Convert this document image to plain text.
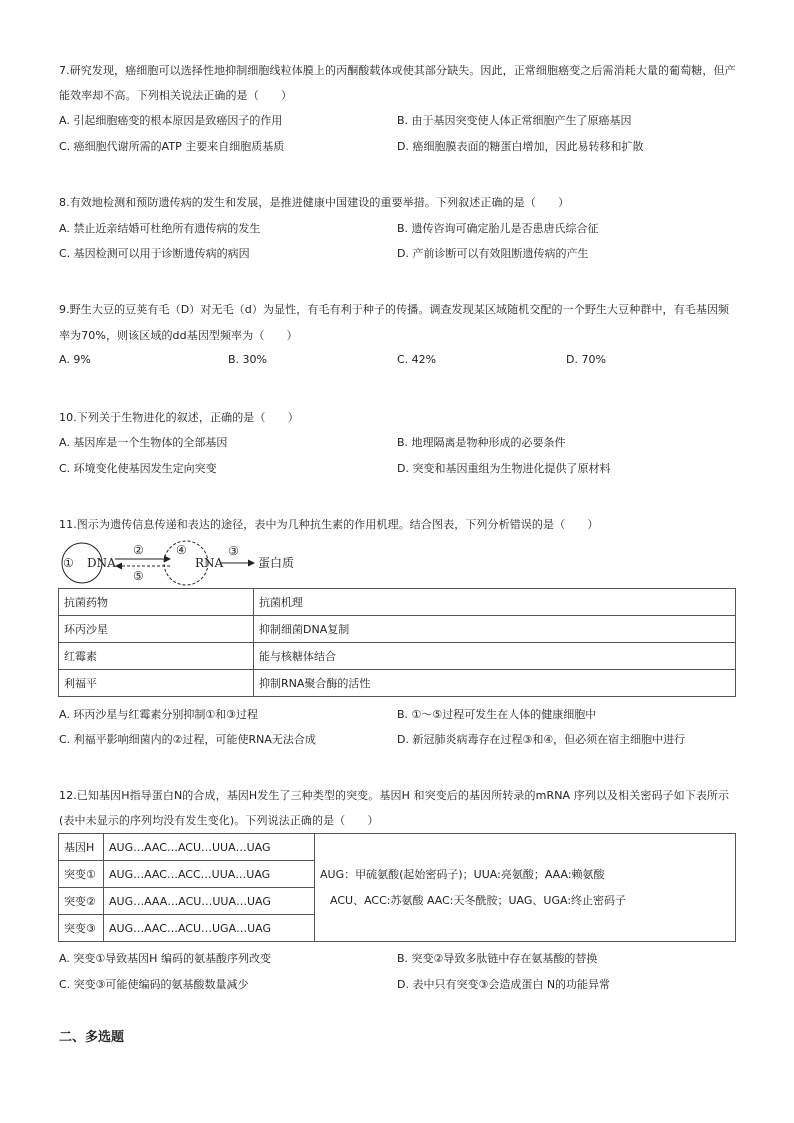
7.研究发现，癌细胞可以选择性地抑制细胞线粒体膜上的丙酮酸载体或使其部分缺失。因此，正常细胞癌变之后需消耗大量的葡萄糖，但产
能效率却不高。下列相关说法正确的是（　　）
A. 引起细胞癌变的根本原因是致癌因子的作用	B. 由于基因突变使人体正常细胞产生了原癌基因
C. 癌细胞代谢所需的ATP 主要来自细胞质基质	D. 癌细胞膜表面的糖蛋白增加，因此易转移和扩散
8.有效地检测和预防遗传病的发生和发展，是推进健康中国建设的重要举措。下列叙述正确的是（　　）
A. 禁止近亲结婚可杜绝所有遗传病的发生	B. 遗传咨询可确定胎儿是否患唐氏综合征
C. 基因检测可以用于诊断遗传病的病因	D. 产前诊断可以有效阻断遗传病的产生
9.野生大豆的豆荚有毛（D）对无毛（d）为显性，有毛有利于种子的传播。调查发现某区域随机交配的一个野生大豆种群中，有毛基因频
率为70%，则该区域的dd基因型频率为（　　）
A. 9%	B. 30%	C. 42%	D. 70%
10.下列关于生物进化的叙述，正确的是（　　）
A. 基因库是一个生物体的全部基因	B. 地理隔离是物种形成的必要条件
C. 环境变化使基因发生定向突变	D. 突变和基因重组为生物进化提供了原材料
11.图示为遗传信息传递和表达的途径，表中为几种抗生素的作用机理。结合图表，下列分析错误的是（　　）
① DNA
②
⑤
④
RNA
③
蛋白质
抗菌药物	抗菌机理
环丙沙星	抑制细菌DNA复制
红霉素	能与核糖体结合
利福平	抑制RNA聚合酶的活性
A. 环丙沙星与红霉素分别抑制①和③过程	B. ①～⑤过程可发生在人体的健康细胞中
C. 利福平影响细菌内的②过程，可能使RNA无法合成	D. 新冠肺炎病毒存在过程③和④，但必须在宿主细胞中进行
12.已知基因H指导蛋白N的合成，基因H发生了三种类型的突变。基因H 和突变后的基因所转录的mRNA 序列以及相关密码子如下表所示
(表中未显示的序列均没有发生变化)。下列说法正确的是（　　）
基因H	AUG…AAC…ACU…UUA…UAG	AUG：甲硫氨酸(起始密码子)；UUA:亮氨酸；AAA:赖氨酸
ACU、ACC:苏氨酸 AAC:天冬酰胺；UAG、UGA:终止密码子

突变①	AUG…AAC…ACC…UUA…UAG	
突变②	AUG…AAA…ACU…UUA…UAG	
突变③	AUG…AAC…ACU…UGA…UAG	
A. 突变①导致基因H 编码的氨基酸序列改变	B. 突变②导致多肽链中存在氨基酸的替换
C. 突变③可能使编码的氨基酸数量减少	D. 表中只有突变③会造成蛋白 N的功能异常
二、多选题
